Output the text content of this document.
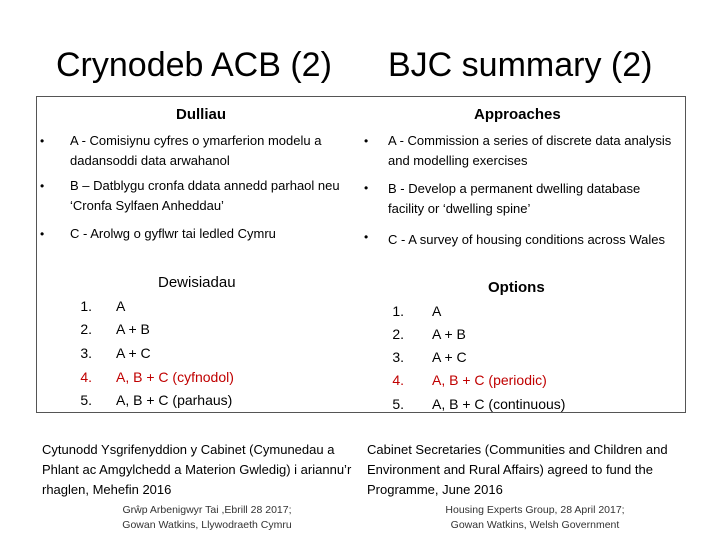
Crynodeb ACB (2) BJC summary (2)
Dulliau	Approaches
• A - Comisiynu cyfres o ymarferion modelu a dadansoddi data arwahanol
• B – Datblygu cronfa ddata annedd parhaol neu ‘Cronfa Sylfaen Anheddau’
• C - Arolwg o gyflwr tai ledled Cymru
• A - Commission a series of discrete data analysis and modelling exercises
• B - Develop a permanent dwelling database facility or ‘dwelling spine’
• C - A survey of housing conditions across Wales
Dewisiadau	Options
1. A
2. A + B
3. A + C
4. A, B + C (cyfnodol)
5. A, B + C (parhaus)
1. A
2. A + B
3. A + C
4. A, B + C (periodic)
5. A, B + C (continuous)
Cytunodd Ysgrifenyddion y Cabinet (Cymunedau a Phlant ac Amgylchedd a Materion Gwledig) i ariannu’r rhaglen, Mehefin 2016
Cabinet Secretaries (Communities and Children and Environment and Rural Affairs) agreed to fund the Programme, June 2016
Grŵp Arbenigwyr Tai ,Ebrill 28 2017;
Gowan Watkins, Llywodraeth Cymru
Housing Experts Group, 28 April 2017;
Gowan Watkins, Welsh Government
